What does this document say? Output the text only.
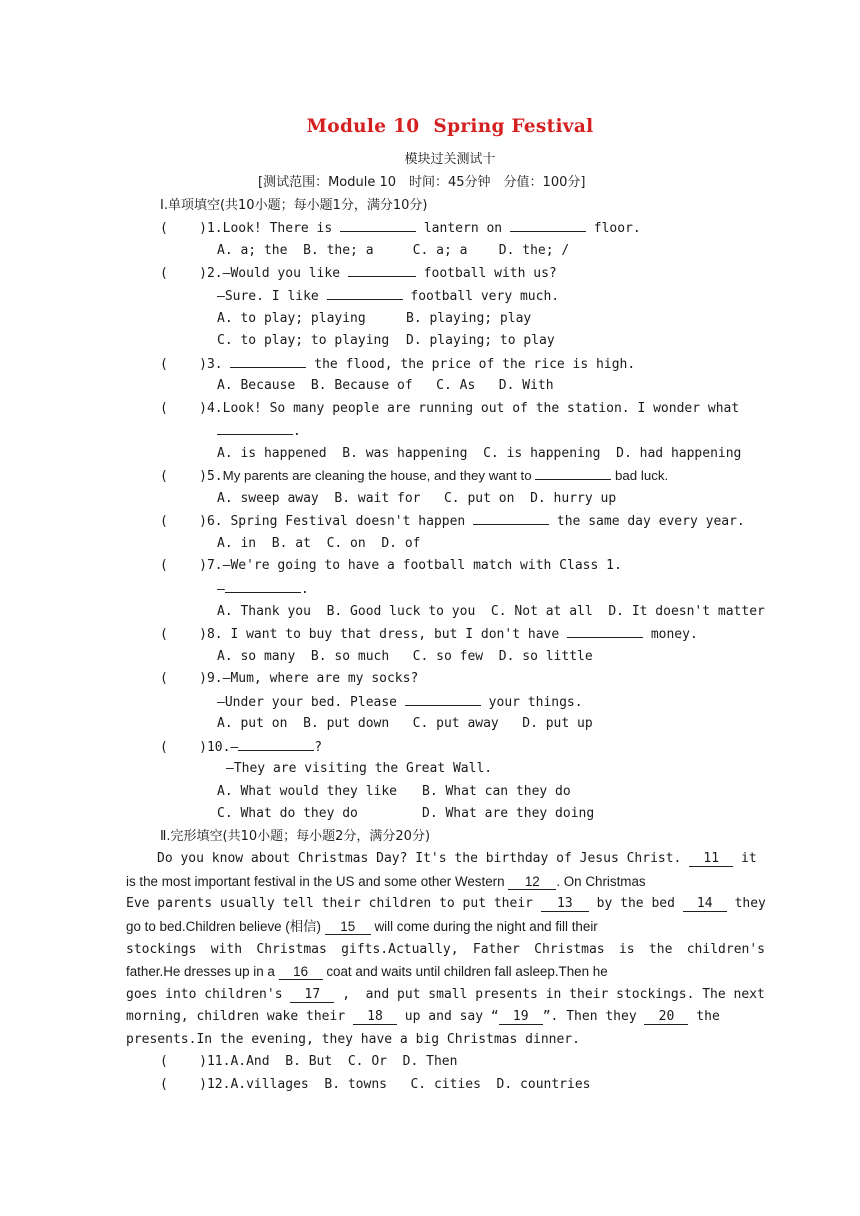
Module 10 Spring Festival
模块过关测试十
[测试范围：Module 10　时间：45分钟　分值：100分]
Ⅰ.单项填空(共10小题；每小题1分，满分10分)
(    )1.Look! There is	lantern on	floor.
A. a; the  B. the; a     C. a; a    D. the; /
(    )2.—Would you like	football with us?
—Sure. I like	football very much.
A. to play; playing	B. playing; play
C. to play; to playing D. playing; to play
(    )3.	the flood, the price of the rice is high.
A. Because  B. Because of   C. As   D. With
(    )4.Look! So many people are running out of the station. I wonder what
.
A. is happened  B. was happening  C. is happening  D. had happening
(    )5.My parents are cleaning the house, and they want to	bad luck.
A. sweep away  B. wait for   C. put on  D. hurry up
(    )6. Spring Festival doesn't happen	the same day every year.
A. in  B. at  C. on  D. of
(    )7.—We're going to have a football match with Class 1.
—	.
A. Thank you  B. Good luck to you  C. Not at all  D. It doesn't matter
(    )8. I want to buy that dress, but I don't have	money.
A. so many  B. so much   C. so few  D. so little
(    )9.—Mum, where are my socks?
—Under your bed. Please	your things.
A. put on  B. put down   C. put away   D. put up
(    )10.—	?
—They are visiting the Great Wall.
A. What would they like B. What can they do
C. What do they do	D. What are they doing
Ⅱ.完形填空(共10小题；每小题2分，满分20分)
Do you know about Christmas Day? It's the birthday of Jesus Christ. 11 it
is the most important festival in the US and some other Western 12 . On Christmas
Eve parents usually tell their children to put their 13 by the bed 14 they
go to bed.Children believe (相信) 15 will come during the night and fill their
stockings with Christmas gifts.Actually, Father Christmas is the children's
father.He dresses up in a 16 coat and waits until children fall asleep.Then he
goes into children's 17 ,  and put small presents in their stockings. The next
morning, children wake their 18 up and say “ 19 ”. Then they 20 the
presents.In the evening, they have a big Christmas dinner.
(    )11.A.And  B. But  C. Or  D. Then
(    )12.A.villages  B. towns   C. cities  D. countries
